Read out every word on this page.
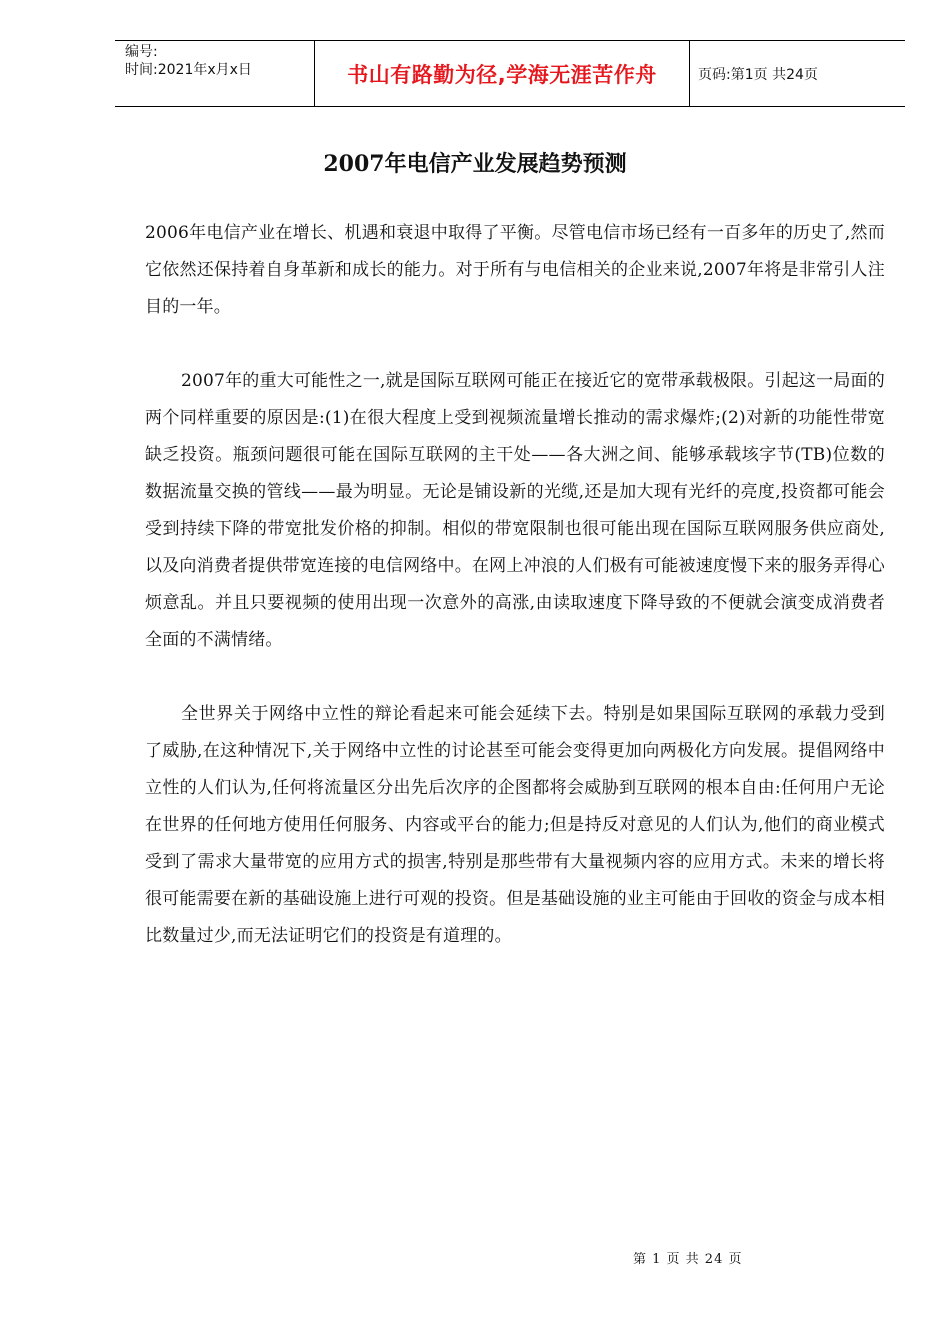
编号:
时间:2021年x月x日	书山有路勤为径,学海无涯苦作舟	页码:第1页 共24页
2007年电信产业发展趋势预测

2006年电信产业在增长、机遇和衰退中取得了平衡。尽管电信市场已经有一百多年的历史了,然而它依然还保持着自身革新和成长的能力。对于所有与电信相关的企业来说,2007年将是非常引人注目的一年。

2007年的重大可能性之一,就是国际互联网可能正在接近它的宽带承载极限。引起这一局面的两个同样重要的原因是:(1)在很大程度上受到视频流量增长推动的需求爆炸;(2)对新的功能性带宽缺乏投资。瓶颈问题很可能在国际互联网的主干处——各大洲之间、能够承载垓字节(TB)位数的数据流量交换的管线——最为明显。无论是铺设新的光缆,还是加大现有光纤的亮度,投资都可能会受到持续下降的带宽批发价格的抑制。相似的带宽限制也很可能出现在国际互联网服务供应商处,以及向消费者提供带宽连接的电信网络中。在网上冲浪的人们极有可能被速度慢下来的服务弄得心烦意乱。并且只要视频的使用出现一次意外的高涨,由读取速度下降导致的不便就会演变成消费者全面的不满情绪。

全世界关于网络中立性的辩论看起来可能会延续下去。特别是如果国际互联网的承载力受到了威胁,在这种情况下,关于网络中立性的讨论甚至可能会变得更加向两极化方向发展。提倡网络中立性的人们认为,任何将流量区分出先后次序的企图都将会威胁到互联网的根本自由:任何用户无论在世界的任何地方使用任何服务、内容或平台的能力;但是持反对意见的人们认为,他们的商业模式受到了需求大量带宽的应用方式的损害,特别是那些带有大量视频内容的应用方式。未来的增长将很可能需要在新的基础设施上进行可观的投资。但是基础设施的业主可能由于回收的资金与成本相比数量过少,而无法证明它们的投资是有道理的。

第 1 页 共 24 页
